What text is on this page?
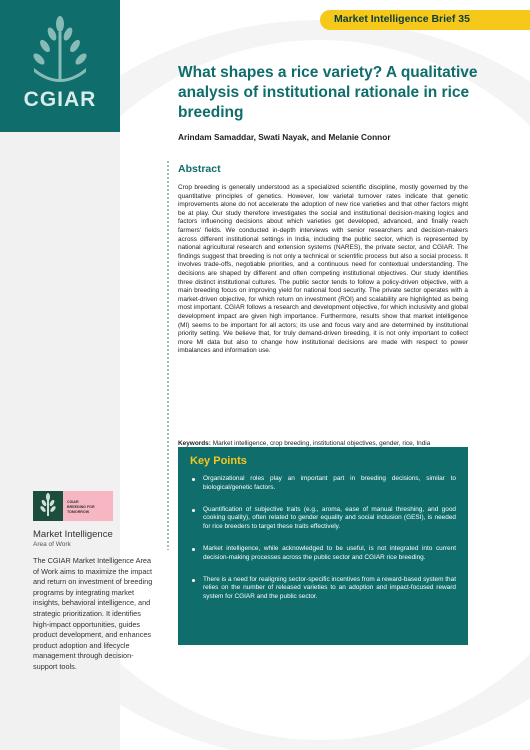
CGIAR
Market Intelligence Brief 35
What shapes a rice variety? A qualitative analysis of institutional rationale in rice breeding
Arindam Samaddar, Swati Nayak, and Melanie Connor
Abstract
Crop breeding is generally understood as a specialized scientific discipline, mostly governed by the quantitative principles of genetics. However, low varietal turnover rates indicate that genetic improvements alone do not accelerate the adoption of new rice varieties and that other factors might be at play. Our study therefore investigates the social and institutional decision-making logics and factors influencing decisions about which varieties get developed, advanced, and finally reach farmers' fields. We conducted in-depth interviews with senior researchers and decision-makers across different institutional settings in India, including the public sector, which is represented by national agricultural research and extension systems (NARES), the private sector, and CGIAR. The findings suggest that breeding is not only a technical or scientific process but also a social process. It involves trade-offs, negotiable priorities, and a continuous need for contextual understanding. The decisions are shaped by different and often competing institutional objectives. Our study identifies three distinct institutional cultures. The public sector tends to follow a policy-driven objective, with a main breeding focus on improving yield for national food security. The private sector operates with a market-driven objective, for which return on investment (ROI) and scalability are highlighted as being most important. CGIAR follows a research and development objective, for which inclusivity and global development impact are given high importance. Furthermore, results show that market intelligence (MI) seems to be important for all actors; its use and focus vary and are determined by institutional priority setting. We believe that, for truly demand-driven breeding, it is not only important to collect more MI data but also to change how institutional decisions are made with respect to power imbalances and information use.
Keywords: Market intelligence, crop breeding, institutional objectives, gender, rice, India
Key Points
Organizational roles play an important part in breeding decisions, similar to biological/genetic factors.
Quantification of subjective traits (e.g., aroma, ease of manual threshing, and good cooking quality), often related to gender equality and social inclusion (GESI), is needed for rice breeders to target these traits effectively.
Market intelligence, while acknowledged to be useful, is not integrated into current decision-making processes across the public sector and CGIAR rice breeding.
There is a need for realigning sector-specific incentives from a reward-based system that relies on the number of released varieties to an adoption and impact-focused reward system for CGIAR and the public sector.
CGIAR
BREEDING FOR
TOMORROW
Market Intelligence
Area of Work
The CGIAR Market Intelligence Area of Work aims to maximize the impact and return on investment of breeding programs by integrating market insights, behavioral intelligence, and strategic prioritization. It identifies high-impact opportunities, guides product development, and enhances product adoption and lifecycle management through decision-support tools.
